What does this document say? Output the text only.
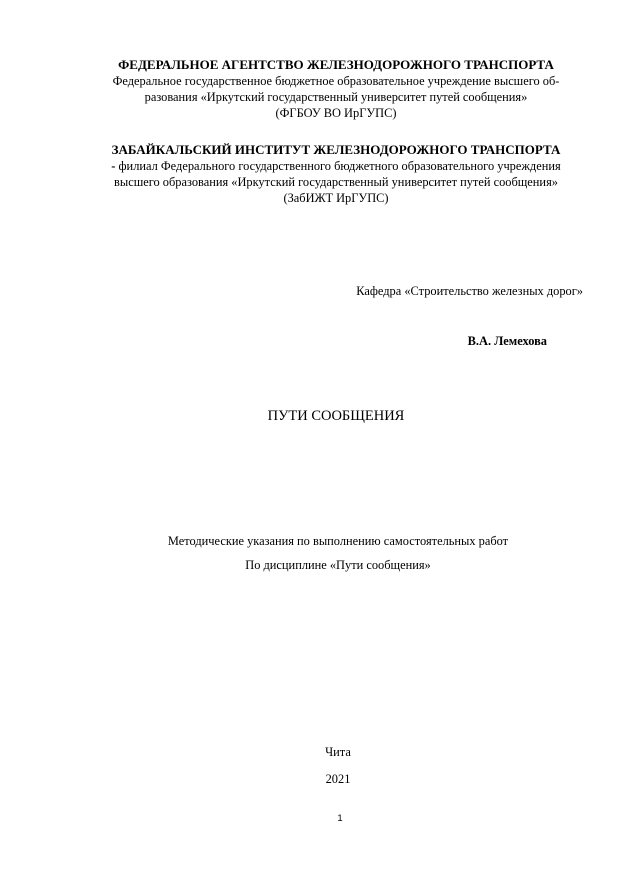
ФЕДЕРАЛЬНОЕ АГЕНТСТВО ЖЕЛЕЗНОДОРОЖНОГО ТРАНСПОРТА
Федеральное государственное бюджетное образовательное учреждение высшего об-
разования «Иркутский государственный университет путей сообщения»
(ФГБОУ ВО ИрГУПС)
ЗАБАЙКАЛЬСКИЙ ИНСТИТУТ ЖЕЛЕЗНОДОРОЖНОГО ТРАНСПОРТА
- филиал Федерального государственного бюджетного образовательного учреждения
высшего образования «Иркутский государственный университет путей сообщения»
(ЗабИЖТ ИрГУПС)
Кафедра «Строительство железных дорог»
В.А. Лемехова
ПУТИ СООБЩЕНИЯ
Методические указания по выполнению самостоятельных работ
По дисциплине «Пути сообщения»
Чита
2021
1
